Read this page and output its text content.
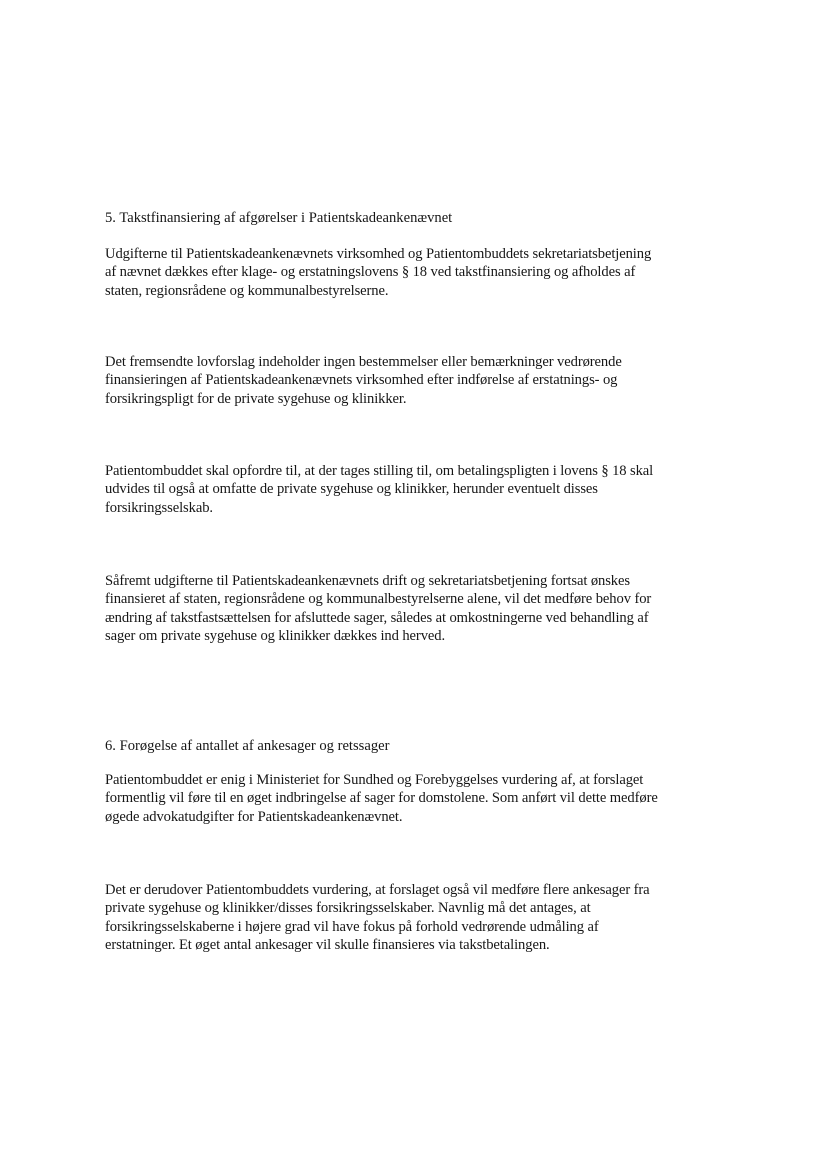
5. Takstfinansiering af afgørelser i Patientskadeankenævnet

Udgifterne til Patientskadeankenævnets virksomhed og Patientombuddets sekretariatsbetjening
af nævnet dækkes efter klage- og erstatningslovens § 18 ved takstfinansiering og afholdes af
staten, regionsrådene og kommunalbestyrelserne.

Det fremsendte lovforslag indeholder ingen bestemmelser eller bemærkninger vedrørende
finansieringen af Patientskadeankenævnets virksomhed efter indførelse af erstatnings- og
forsikringspligt for de private sygehuse og klinikker.

Patientombuddet skal opfordre til, at der tages stilling til, om betalingspligten i lovens § 18 skal
udvides til også at omfatte de private sygehuse og klinikker, herunder eventuelt disses
forsikringsselskab.

Såfremt udgifterne til Patientskadeankenævnets drift og sekretariatsbetjening fortsat ønskes
finansieret af staten, regionsrådene og kommunalbestyrelserne alene, vil det medføre behov for
ændring af takstfastsættelsen for afsluttede sager, således at omkostningerne ved behandling af
sager om private sygehuse og klinikker dækkes ind herved.

6. Forøgelse af antallet af ankesager og retssager

Patientombuddet er enig i Ministeriet for Sundhed og Forebyggelses vurdering af, at forslaget
formentlig vil føre til en øget indbringelse af sager for domstolene. Som anført vil dette medføre
øgede advokatudgifter for Patientskadeankenævnet.

Det er derudover Patientombuddets vurdering, at forslaget også vil medføre flere ankesager fra
private sygehuse og klinikker/disses forsikringsselskaber. Navnlig må det antages, at
forsikringsselskaberne i højere grad vil have fokus på forhold vedrørende udmåling af
erstatninger. Et øget antal ankesager vil skulle finansieres via takstbetalingen.
